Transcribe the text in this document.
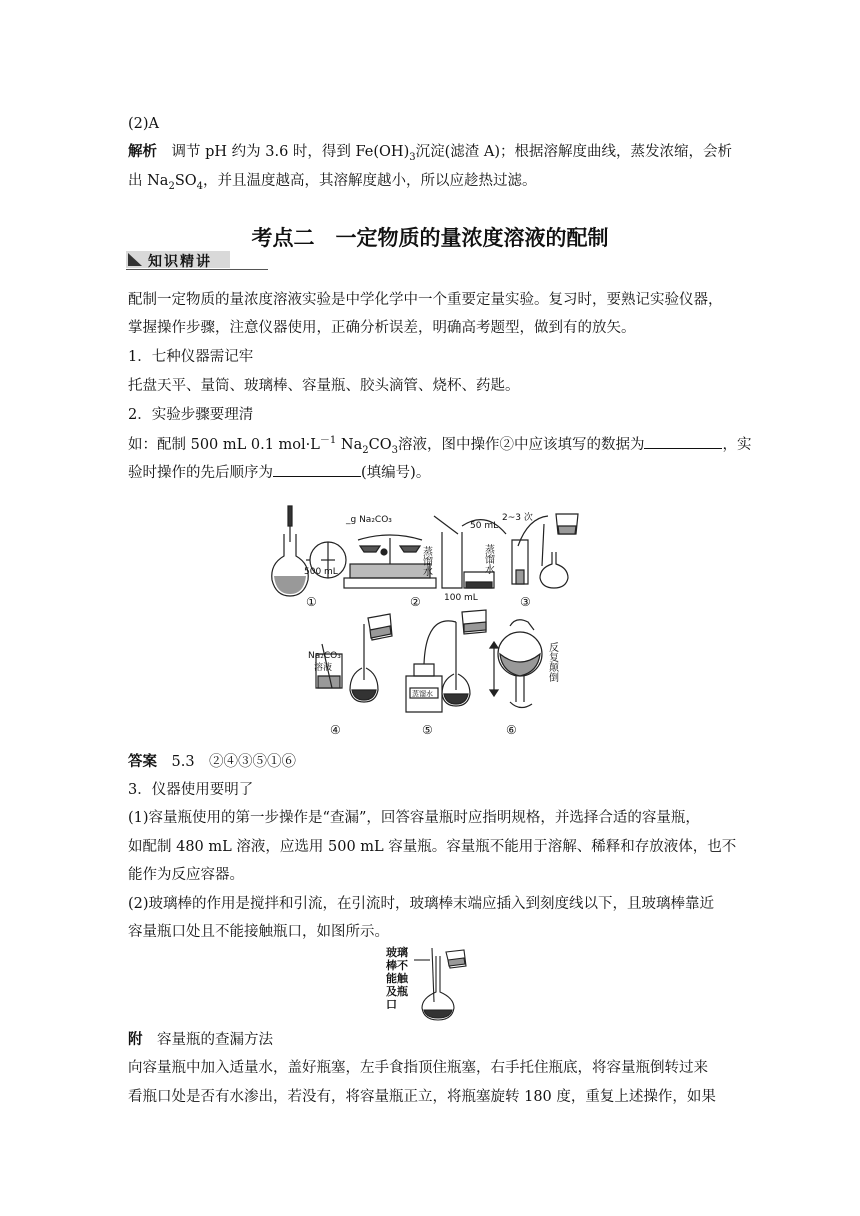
(2)A
解析　 调节 pH 约为 3.6 时，得到 $Fe(OH)_3$沉淀(滤渣 A)；根据溶解度曲线，蒸发浓缩，会析
出 $Na_2SO_4$，并且温度越高，其溶解度越小，所以应趁热过滤。
考点二　一定物质的量浓度溶液的配制
知识精讲
配制一定物质的量浓度溶液实验是中学化学中一个重要定量实验。复习时，要熟记实验仪器，
掌握操作步骤，注意仪器使用，正确分析误差，明确高考题型，做到有的放矢。
1．七种仪器需记牢
托盘天平、量筒、玻璃棒、容量瓶、胶头滴管、烧杯、药匙。
2．实验步骤要理清
如：配制 500 mL 0.1 $mol\cdot L^{-1}$ $Na_2CO_3$溶液，图中操作②中应该填写的数据为	，实
验时操作的先后顺序为	(填编号)。
500 mL
_g Na₂CO₃
50 mL
100 mL
2~3 次
Na₂CO₃
溶液
蒸馏水
蒸馏水	蒸馏水
反复颠倒
①	②	③
④	⑤	⑥
答案　 5.3　②④③⑤①⑥
3．仪器使用要明了
(1)容量瓶使用的第一步操作是“查漏”，回答容量瓶时应指明规格，并选择合适的容量瓶，
如配制 480 mL 溶液，应选用 500 mL 容量瓶。容量瓶不能用于溶解、稀释和存放液体，也不
能作为反应容器。
(2)玻璃棒的作用是搅拌和引流，在引流时，玻璃棒末端应插入到刻度线以下，且玻璃棒靠近
容量瓶口处且不能接触瓶口，如图所示。
玻璃
棒不
能触
及瓶
口
附　 容量瓶的查漏方法
向容量瓶中加入适量水，盖好瓶塞，左手食指顶住瓶塞，右手托住瓶底，将容量瓶倒转过来
看瓶口处是否有水渗出，若没有，将容量瓶正立，将瓶塞旋转 180 度，重复上述操作，如果
